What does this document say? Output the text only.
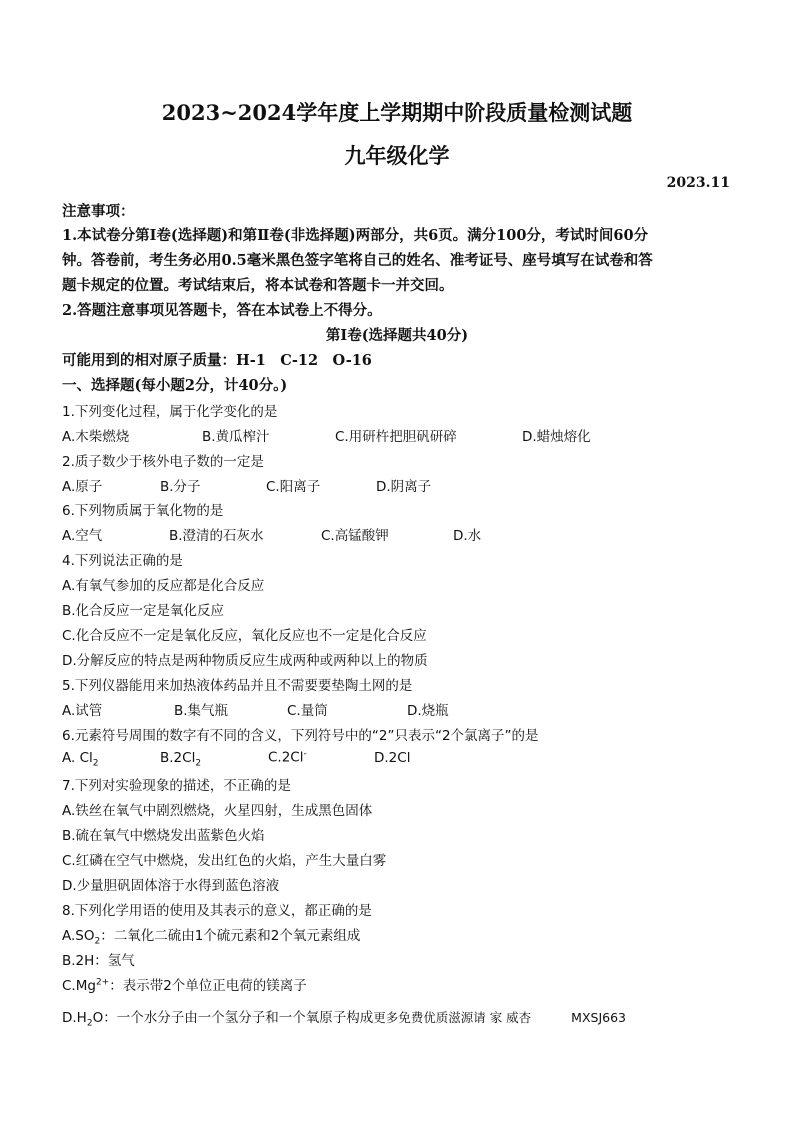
2023~2024学年度上学期期中阶段质量检测试题
九年级化学
2023.11
注意事项：
1.本试卷分第Ⅰ卷(选择题)和第Ⅱ卷(非选择题)两部分，共6页。满分100分，考试时间60分
钟。答卷前，考生务必用0.5毫米黑色签字笔将自己的姓名、准考证号、座号填写在试卷和答
题卡规定的位置。考试结束后，将本试卷和答题卡一并交回。
2.答题注意事项见答题卡，答在本试卷上不得分。
第Ⅰ卷(选择题共40分)
可能用到的相对原子质量：H-1　C-12　O-16
一、选择题(每小题2分，计40分。)
1.下列变化过程，属于化学变化的是
A.木柴燃烧	B.黄瓜榨汁	C.用研杵把胆矾研碎	D.蜡烛熔化
2.质子数少于核外电子数的一定是
A.原子	B.分子	C.阳离子	D.阴离子
6.下列物质属于氧化物的是
A.空气	B.澄清的石灰水	C.高锰酸钾	D.水
4.下列说法正确的是
A.有氧气参加的反应都是化合反应
B.化合反应一定是氧化反应
C.化合反应不一定是氧化反应，氧化反应也不一定是化合反应
D.分解反应的特点是两种物质反应生成两种或两种以上的物质
5.下列仪器能用来加热液体药品并且不需要要垫陶土网的是
A.试管	B.集气瓶	C.量筒	D.烧瓶
6.元素符号周围的数字有不同的含义，下列符号中的“2”只表示“2个氯离子”的是
A. $Cl_2$	$B.2Cl_2$	C.2Cl-	D.2Cl
7.下列对实验现象的描述，不正确的是
A.铁丝在氧气中剧烈燃烧，火星四射，生成黑色固体
B.硫在氧气中燃烧发出蓝紫色火焰
C.红磷在空气中燃烧，发出红色的火焰，产生大量白雾
D.少量胆矾固体溶于水得到蓝色溶液
8.下列化学用语的使用及其表示的意义，都正确的是
$A.SO_2$：二氧化二硫由1个硫元素和2个氧元素组成
B.2H：氢气
$C.Mg^{2+}$：表示带2个单位正电荷的镁离子
$D.H_2O$：一个水分子由一个氢分子和一个氧原子构成更多免费优质滋源请 家 威杏	MXSJ663
